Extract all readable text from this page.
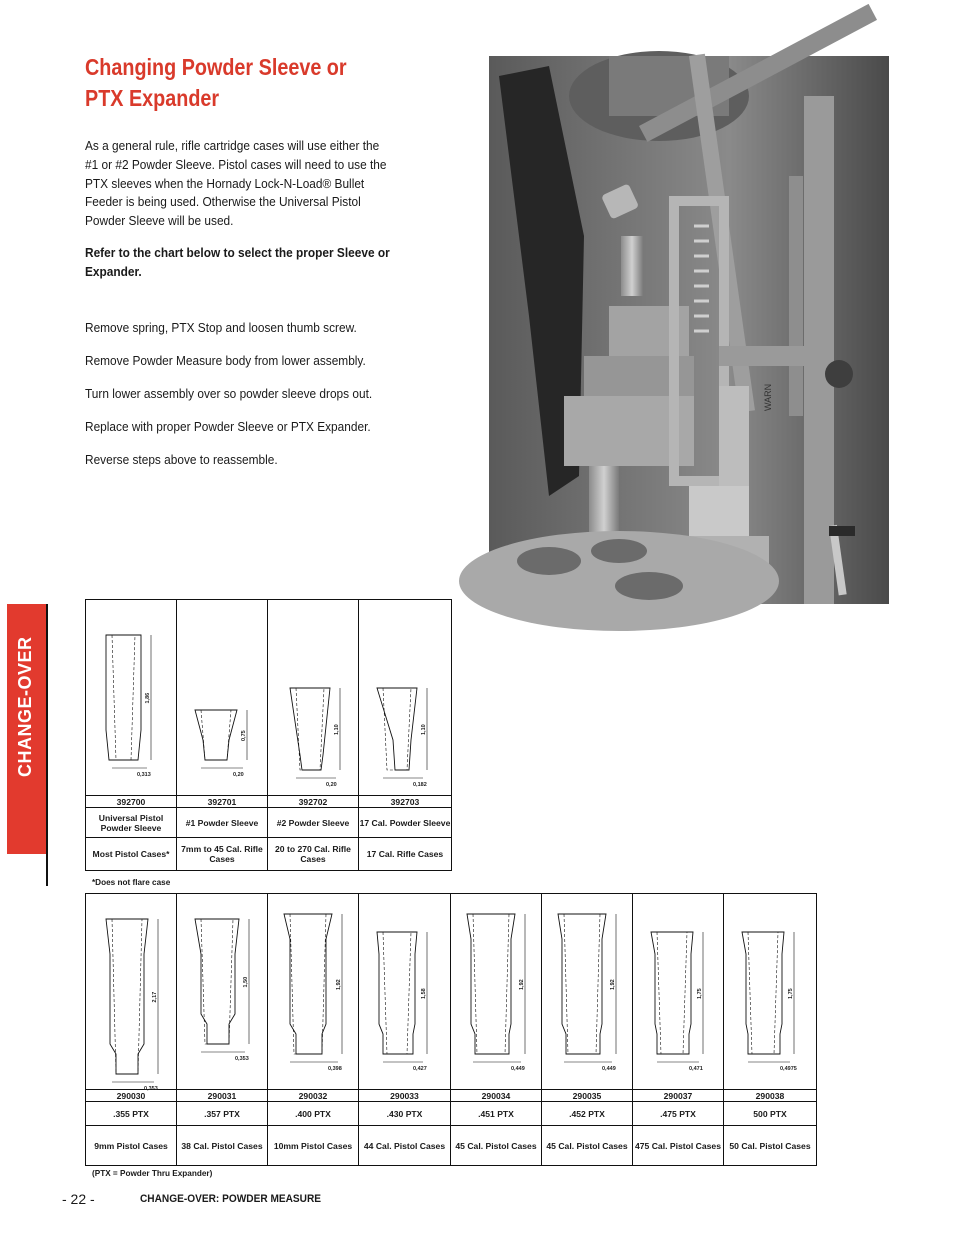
Changing Powder Sleeve or
PTX Expander

As a general rule, rifle cartridge cases will use either the #1 or #2 Powder Sleeve. Pistol cases will need to use the PTX sleeves when the Hornady Lock-N-Load® Bullet Feeder is being used. Otherwise the Universal Pistol Powder Sleeve will be used.

Refer to the chart below to select the proper Sleeve or Expander.

Remove spring, PTX Stop and loosen thumb screw.

Remove Powder Measure body from lower assembly.

Turn lower assembly over so powder sleeve drops out.

Replace with proper Powder Sleeve or PTX Expander.

Reverse steps above to reassemble.

WARN
CHANGE-OVER	1,86
0,313	0,75
0,20	1,10
0,20	1,10
0,182

392700	392701	392702	392703
Universal Pistol Powder Sleeve	#1 Powder Sleeve	#2 Powder Sleeve	17 Cal. Powder Sleeve
Most Pistol Cases*	7mm to 45 Cal. Rifle Cases	20 to 270 Cal. Rifle Cases	17 Cal. Rifle Cases
*Does not flare case
2,17
0,353	1,50
0,353	1,92
0,398	1,58
0,427	1,92
0,449	1,92
0,449	1,75
0,471	1,75
0,4975

290030	290031	290032	290033	290034	290035	290037	290038
.355 PTX	.357 PTX	.400 PTX	.430 PTX	.451 PTX	.452 PTX	.475 PTX	500 PTX
9mm Pistol Cases	38 Cal. Pistol Cases	10mm Pistol Cases	44 Cal. Pistol Cases	45 Cal. Pistol Cases	45 Cal. Pistol Cases	475 Cal. Pistol Cases	50 Cal. Pistol Cases
(PTX = Powder Thru Expander)
- 22 -	CHANGE-OVER: POWDER MEASURE
